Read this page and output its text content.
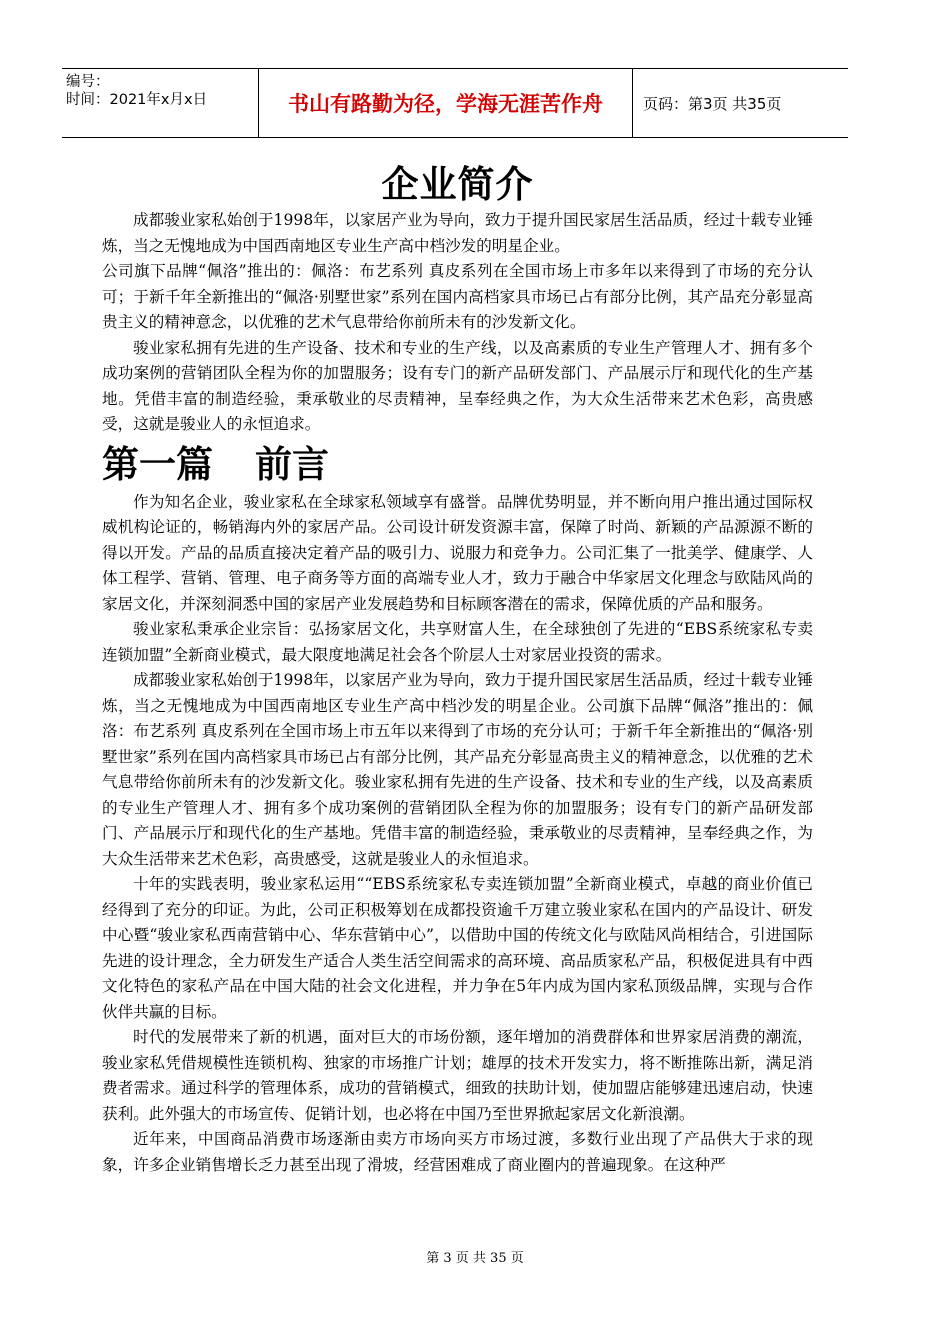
编号：
时间：2021年x月x日	书山有路勤为径，学海无涯苦作舟	页码：第3页 共35页
企业简介

成都骏业家私始创于1998年，以家居产业为导向，致力于提升国民家居生活品质，经过十载专业锤炼，当之无愧地成为中国西南地区专业生产高中档沙发的明星企业。

公司旗下品牌“佩洛”推出的：佩洛：布艺系列 真皮系列在全国市场上市多年以来得到了市场的充分认可；于新千年全新推出的“佩洛·别墅世家”系列在国内高档家具市场已占有部分比例，其产品充分彰显高贵主义的精神意念，以优雅的艺术气息带给你前所未有的沙发新文化。

骏业家私拥有先进的生产设备、技术和专业的生产线，以及高素质的专业生产管理人才、拥有多个成功案例的营销团队全程为你的加盟服务；设有专门的新产品研发部门、产品展示厅和现代化的生产基地。凭借丰富的制造经验，秉承敬业的尽责精神，呈奉经典之作，为大众生活带来艺术色彩，高贵感受，这就是骏业人的永恒追求。

第一篇 前言

作为知名企业，骏业家私在全球家私领域享有盛誉。品牌优势明显，并不断向用户推出通过国际权威机构论证的，畅销海内外的家居产品。公司设计研发资源丰富，保障了时尚、新颖的产品源源不断的得以开发。产品的品质直接决定着产品的吸引力、说服力和竞争力。公司汇集了一批美学、健康学、人体工程学、营销、管理、电子商务等方面的高端专业人才，致力于融合中华家居文化理念与欧陆风尚的家居文化，并深刻洞悉中国的家居产业发展趋势和目标顾客潜在的需求，保障优质的产品和服务。

骏业家私秉承企业宗旨：弘扬家居文化，共享财富人生，在全球独创了先进的“EBS系统家私专卖连锁加盟”全新商业模式，最大限度地满足社会各个阶层人士对家居业投资的需求。

成都骏业家私始创于1998年，以家居产业为导向，致力于提升国民家居生活品质，经过十载专业锤炼，当之无愧地成为中国西南地区专业生产高中档沙发的明星企业。公司旗下品牌“佩洛”推出的：佩洛：布艺系列 真皮系列在全国市场上市五年以来得到了市场的充分认可；于新千年全新推出的“佩洛·别墅世家”系列在国内高档家具市场已占有部分比例，其产品充分彰显高贵主义的精神意念，以优雅的艺术气息带给你前所未有的沙发新文化。骏业家私拥有先进的生产设备、技术和专业的生产线，以及高素质的专业生产管理人才、拥有多个成功案例的营销团队全程为你的加盟服务；设有专门的新产品研发部门、产品展示厅和现代化的生产基地。凭借丰富的制造经验，秉承敬业的尽责精神，呈奉经典之作，为大众生活带来艺术色彩，高贵感受，这就是骏业人的永恒追求。

十年的实践表明，骏业家私运用““EBS系统家私专卖连锁加盟”全新商业模式，卓越的商业价值已经得到了充分的印证。为此，公司正积极筹划在成都投资逾千万建立骏业家私在国内的产品设计、研发中心暨“骏业家私西南营销中心、华东营销中心”，以借助中国的传统文化与欧陆风尚相结合，引进国际先进的设计理念，全力研发生产适合人类生活空间需求的高环境、高品质家私产品，积极促进具有中西文化特色的家私产品在中国大陆的社会文化进程，并力争在5年内成为国内家私顶级品牌，实现与合作伙伴共赢的目标。

时代的发展带来了新的机遇，面对巨大的市场份额，逐年增加的消费群体和世界家居消费的潮流，骏业家私凭借规模性连锁机构、独家的市场推广计划；雄厚的技术开发实力，将不断推陈出新，满足消费者需求。通过科学的管理体系，成功的营销模式，细致的扶助计划，使加盟店能够建迅速启动，快速获利。此外强大的市场宣传、促销计划，也必将在中国乃至世界掀起家居文化新浪潮。

近年来，中国商品消费市场逐渐由卖方市场向买方市场过渡，多数行业出现了产品供大于求的现象，许多企业销售增长乏力甚至出现了滑坡，经营困难成了商业圈内的普遍现象。在这种严

第 3 页 共 35 页
